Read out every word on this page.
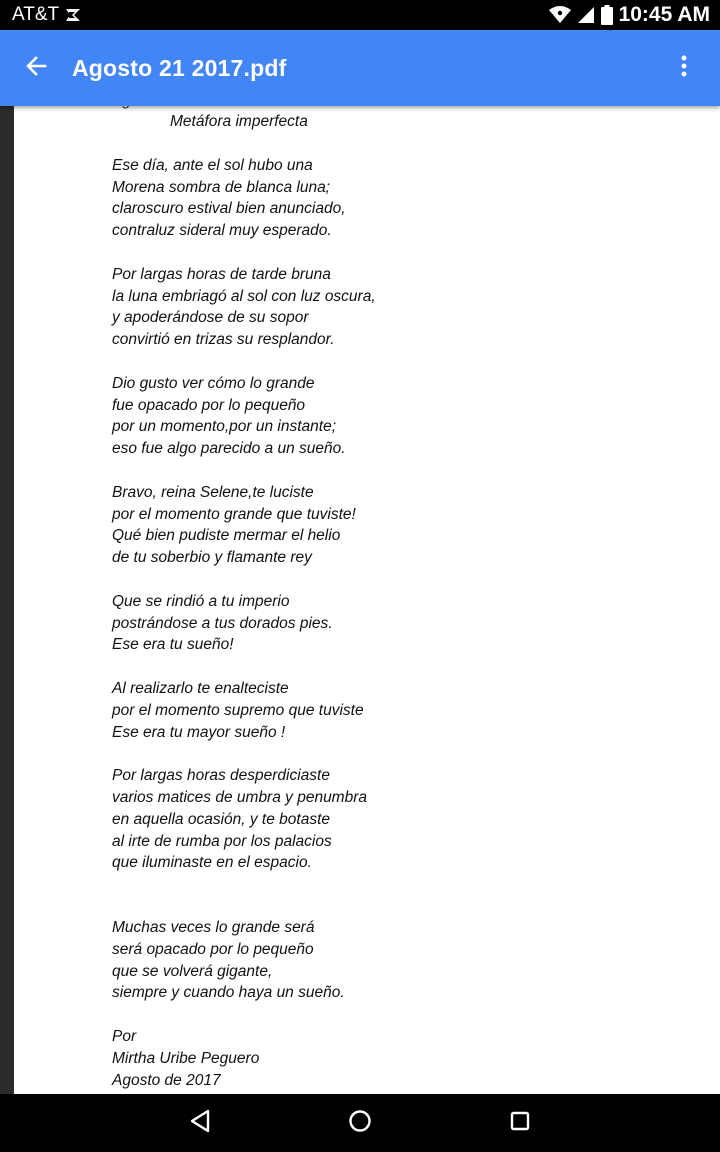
AT&T	10:45 AM
Agosto 21 2017.pdf
Metáfora imperfecta
Ese día, ante el sol hubo una
Morena sombra de blanca luna;
claroscuro estival bien anunciado,
contraluz sideral muy esperado.
Por largas horas de tarde bruna
la luna embriagó al sol con luz oscura,
y apoderándose de su sopor
convirtió en trizas su resplandor.
Dio gusto ver cómo lo grande
fue opacado por lo pequeño
por un momento,por un instante;
eso fue algo parecido a un sueño.
Bravo, reina Selene,te luciste
por el momento grande que tuviste!
Qué bien pudiste mermar el helio
de tu soberbio y flamante rey
Que se rindió a tu imperio
postrándose a tus dorados pies.
Ese era tu sueño!
Al realizarlo te enalteciste
por el momento supremo que tuviste
Ese era tu mayor sueño !
Por largas horas desperdiciaste
varios matices de umbra y penumbra
en aquella ocasión, y te botaste
al irte de rumba por los palacios
que iluminaste en el espacio.
Muchas veces lo grande será
será opacado por lo pequeño
que se volverá gigante,
siempre y cuando haya un sueño.
Por
Mirtha Uribe Peguero
Agosto de 2017
